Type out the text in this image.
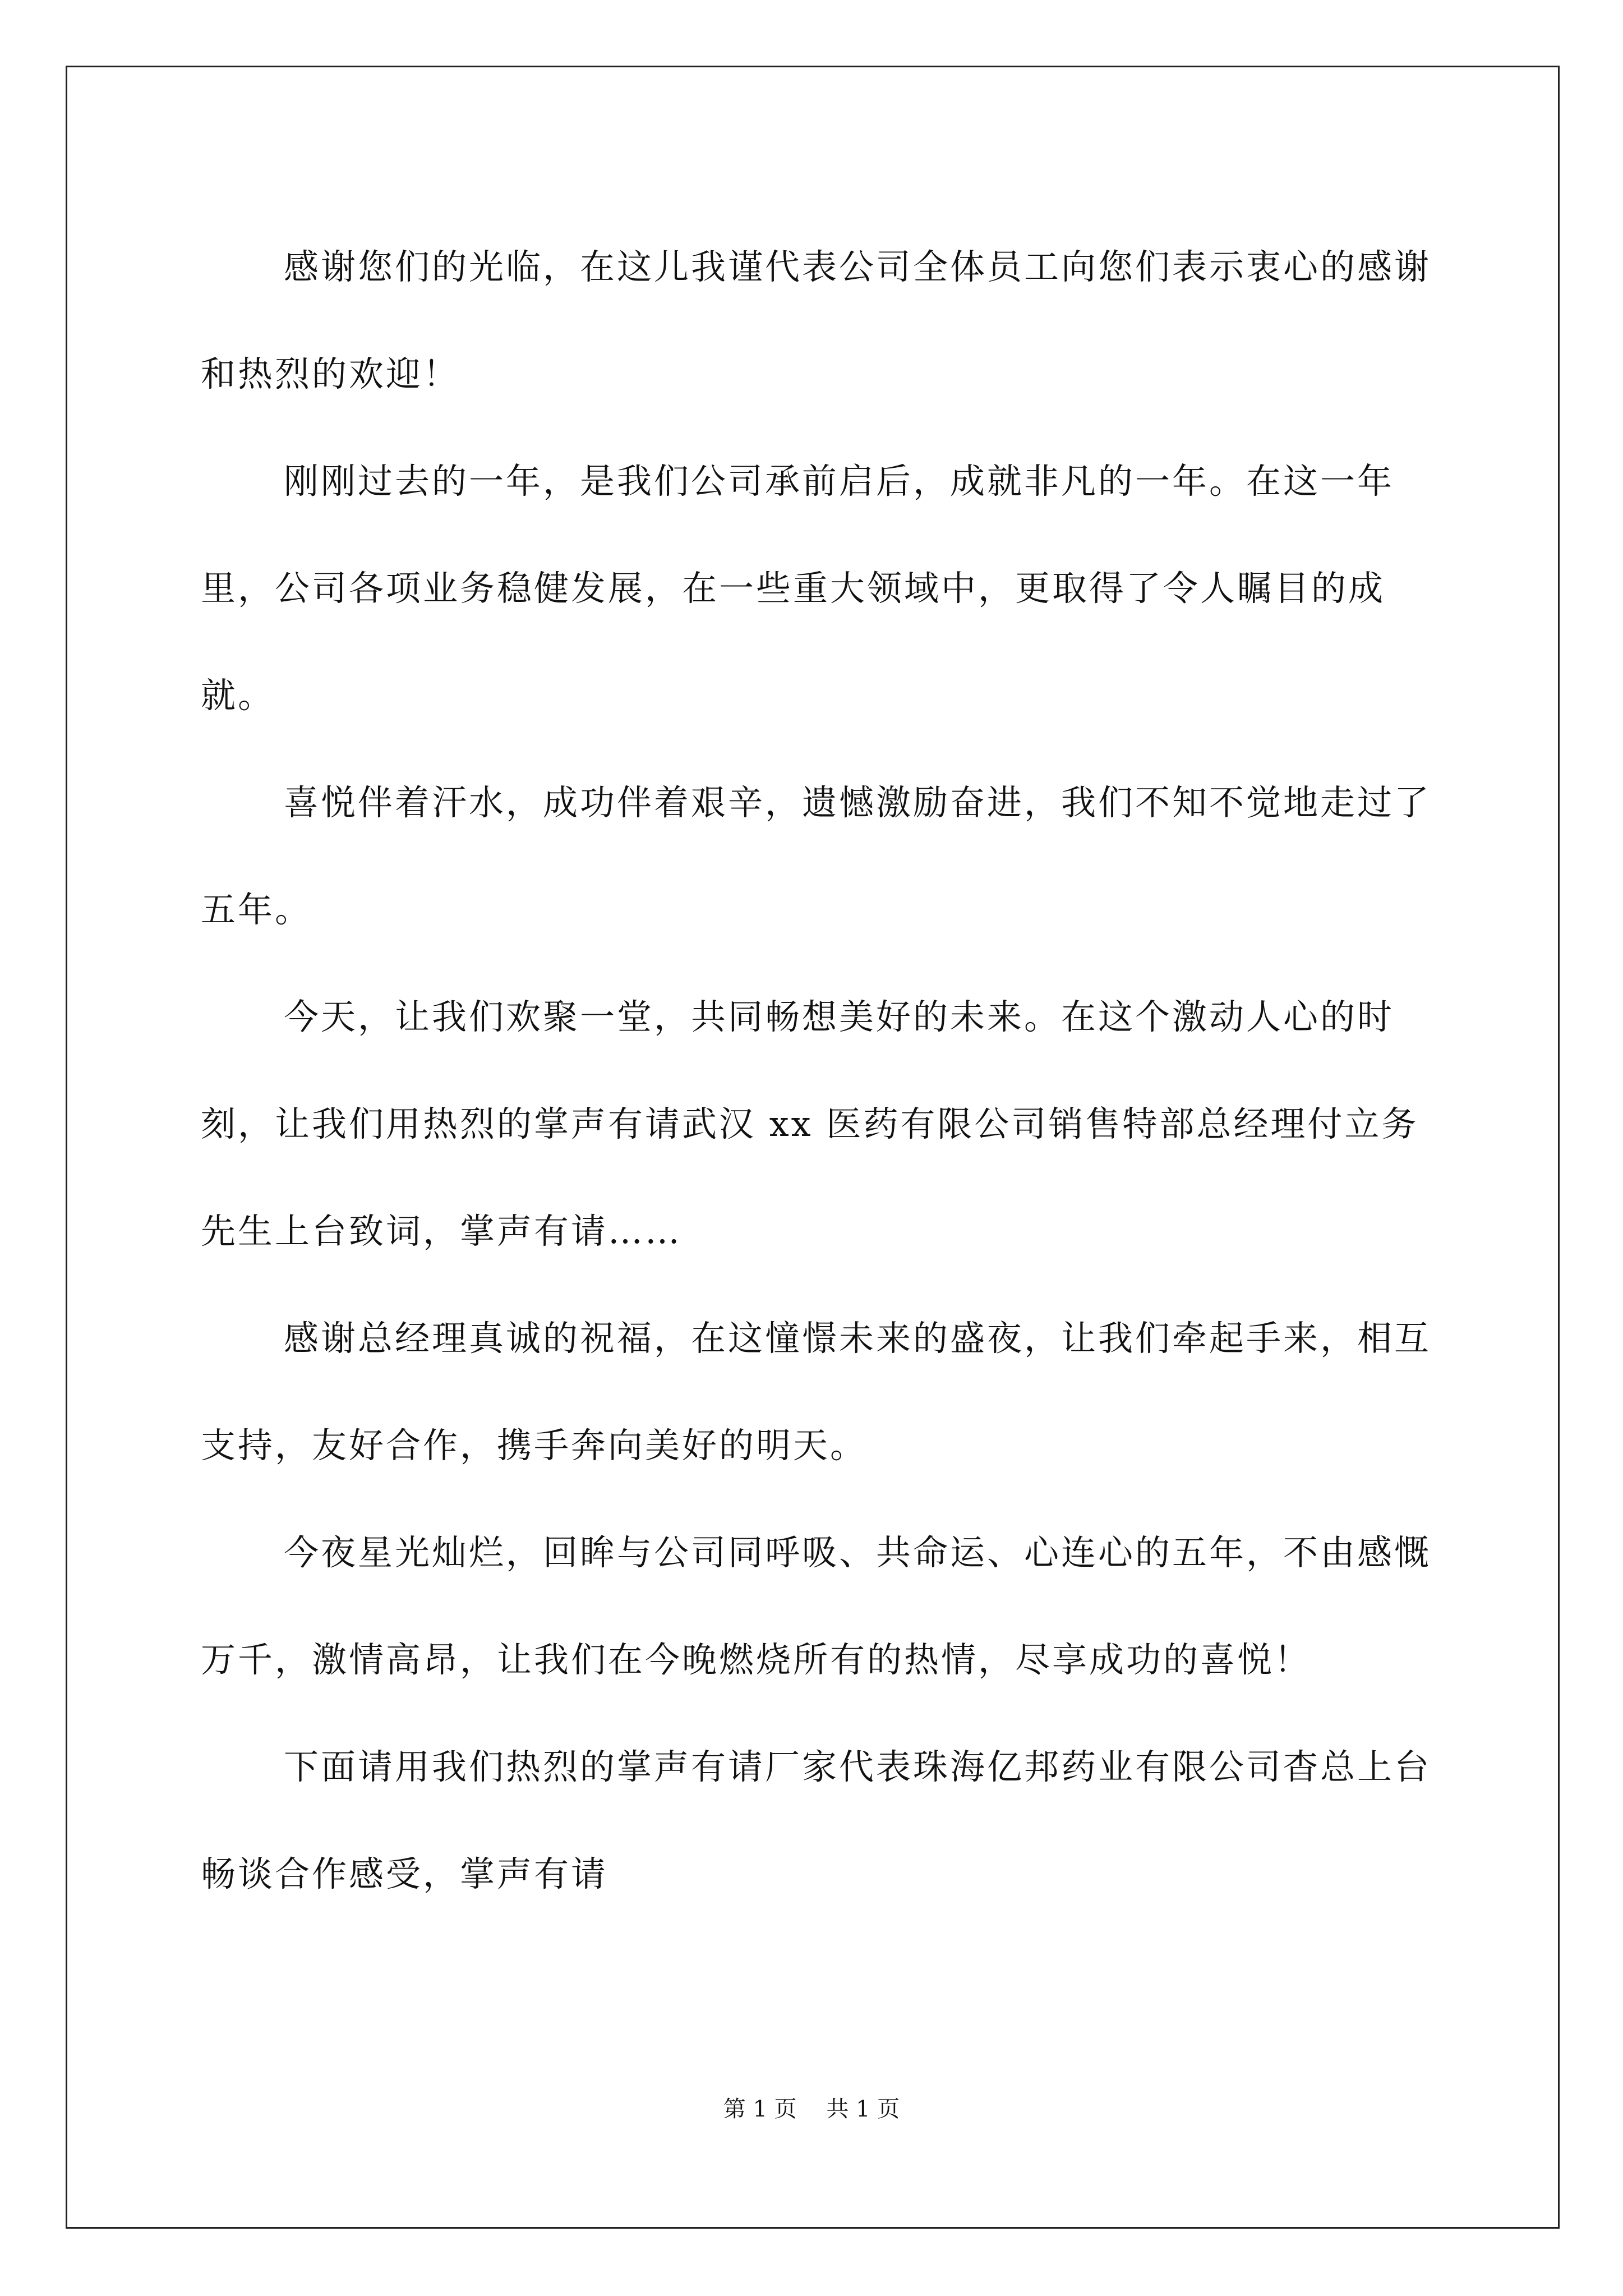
感谢您们的光临，在这儿我谨代表公司全体员工向您们表示衷心的感谢和热烈的欢迎！

刚刚过去的一年，是我们公司承前启后，成就非凡的一年。在这一年里，公司各项业务稳健发展，在一些重大领域中，更取得了令人瞩目的成就。

喜悦伴着汗水，成功伴着艰辛，遗憾激励奋进，我们不知不觉地走过了五年。

今天，让我们欢聚一堂，共同畅想美好的未来。在这个激动人心的时刻，让我们用热烈的掌声有请武汉 xx 医药有限公司销售特部总经理付立务先生上台致词，掌声有请……

感谢总经理真诚的祝福，在这憧憬未来的盛夜，让我们牵起手来，相互支持，友好合作，携手奔向美好的明天。

今夜星光灿烂，回眸与公司同呼吸、共命运、心连心的五年，不由感慨万千，激情高昂，让我们在今晚燃烧所有的热情，尽享成功的喜悦！

下面请用我们热烈的掌声有请厂家代表珠海亿邦药业有限公司杳总上台畅谈合作感受，掌声有请

第 1 页 共 1 页
